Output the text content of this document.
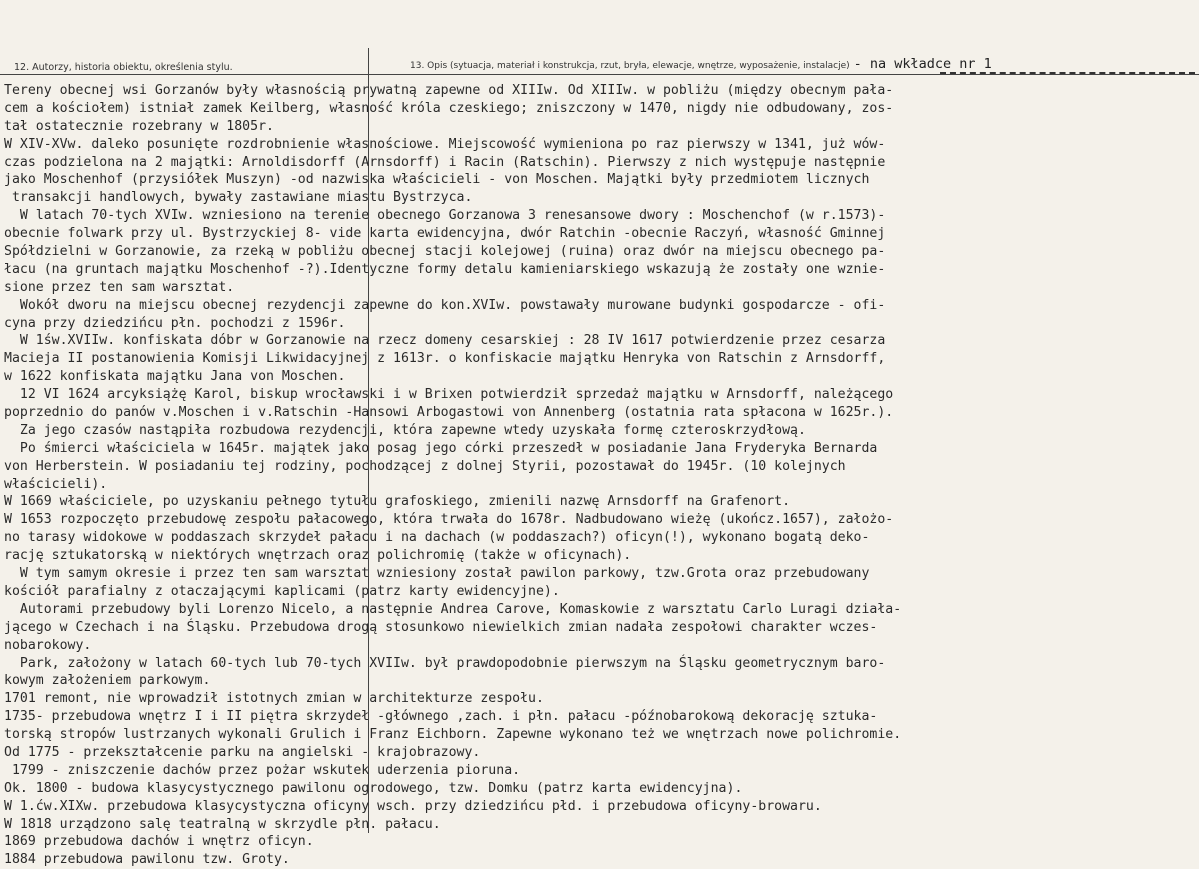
12. Autorzy, historia obiektu, określenia stylu.	13. Opis (sytuacja, materiał i konstrukcja, rzut, bryła, elewacje, wnętrze, wyposażenie, instalacje) - na wkładce nr 1
Tereny obecnej wsi Gorzanów były własnością prywatną zapewne od XIIIw. Od XIIIw. w pobliżu (między obecnym pała-
cem a kościołem) istniał zamek Keilberg, własność króla czeskiego; zniszczony w 1470, nigdy nie odbudowany, zos-
tał ostatecznie rozebrany w 1805r.
W XIV-XVw. daleko posunięte rozdrobnienie własnościowe. Miejscowość wymieniona po raz pierwszy w 1341, już wów-
czas podzielona na 2 majątki: Arnoldisdorff (Arnsdorff) i Racin (Ratschin). Pierwszy z nich występuje następnie
jako Moschenhof (przysiółek Muszyn) -od nazwiska właścicieli - von Moschen. Majątki były przedmiotem licznych
transakcji handlowych, bywały zastawiane miastu Bystrzyca.
W latach 70-tych XVIw. wzniesiono na terenie obecnego Gorzanowa 3 renesansowe dwory : Moschenchof (w r.1573)-
obecnie folwark przy ul. Bystrzyckiej 8- vide karta ewidencyjna, dwór Ratchin -obecnie Raczyń, własność Gminnej
Spółdzielni w Gorzanowie, za rzeką w pobliżu obecnej stacji kolejowej (ruina) oraz dwór na miejscu obecnego pa-
łacu (na gruntach majątku Moschenhof -?).Identyczne formy detalu kamieniarskiego wskazują że zostały one wznie-
sione przez ten sam warsztat.
Wokół dworu na miejscu obecnej rezydencji zapewne do kon.XVIw. powstawały murowane budynki gospodarcze - ofi-
cyna przy dziedzińcu płn. pochodzi z 1596r.
W 1św.XVIIw. konfiskata dóbr w Gorzanowie na rzecz domeny cesarskiej : 28 IV 1617 potwierdzenie przez cesarza
Macieja II postanowienia Komisji Likwidacyjnej z 1613r. o konfiskacie majątku Henryka von Ratschin z Arnsdorff,
w 1622 konfiskata majątku Jana von Moschen.
12 VI 1624 arcyksiążę Karol, biskup wrocławski i w Brixen potwierdził sprzedaż majątku w Arnsdorff, należącego
poprzednio do panów v.Moschen i v.Ratschin -Hansowi Arbogastowi von Annenberg (ostatnia rata spłacona w 1625r.).
Za jego czasów nastąpiła rozbudowa rezydencji, która zapewne wtedy uzyskała formę czteroskrzydłową.
Po śmierci właściciela w 1645r. majątek jako posag jego córki przeszedł w posiadanie Jana Fryderyka Bernarda
von Herberstein. W posiadaniu tej rodziny, pochodzącej z dolnej Styrii, pozostawał do 1945r. (10 kolejnych
właścicieli).
W 1669 właściciele, po uzyskaniu pełnego tytułu grafoskiego, zmienili nazwę Arnsdorff na Grafenort.
W 1653 rozpoczęto przebudowę zespołu pałacowego, która trwała do 1678r. Nadbudowano wieżę (ukończ.1657), założo-
no tarasy widokowe w poddaszach skrzydeł pałacu i na dachach (w poddaszach?) oficyn(!), wykonano bogatą deko-
rację sztukatorską w niektórych wnętrzach oraz polichromię (także w oficynach).
W tym samym okresie i przez ten sam warsztat wzniesiony został pawilon parkowy, tzw.Grota oraz przebudowany
kościół parafialny z otaczającymi kaplicami (patrz karty ewidencyjne).
Autorami przebudowy byli Lorenzo Nicelo, a następnie Andrea Carove, Komaskowie z warsztatu Carlo Luragi działa-
jącego w Czechach i na Śląsku. Przebudowa drogą stosunkowo niewielkich zmian nadała zespołowi charakter wczes-
nobarokowy.
Park, założony w latach 60-tych lub 70-tych XVIIw. był prawdopodobnie pierwszym na Śląsku geometrycznym baro-
kowym założeniem parkowym.
1701 remont, nie wprowadził istotnych zmian w architekturze zespołu.
1735- przebudowa wnętrz I i II piętra skrzydeł -głównego ,zach. i płn. pałacu -późnobarokową dekorację sztuka-
torską stropów lustrzanych wykonali Grulich i Franz Eichborn. Zapewne wykonano też we wnętrzach nowe polichromie.
Od 1775 - przekształcenie parku na angielski - krajobrazowy.
1799 - zniszczenie dachów przez pożar wskutek uderzenia pioruna.
Ok. 1800 - budowa klasycystycznego pawilonu ogrodowego, tzw. Domku (patrz karta ewidencyjna).
W 1.ćw.XIXw. przebudowa klasycystyczna oficyny wsch. przy dziedzińcu płd. i przebudowa oficyny-browaru.
W 1818 urządzono salę teatralną w skrzydle płn. pałacu.
1869 przebudowa dachów i wnętrz oficyn.
1884 przebudowa pawilonu tzw. Groty.
